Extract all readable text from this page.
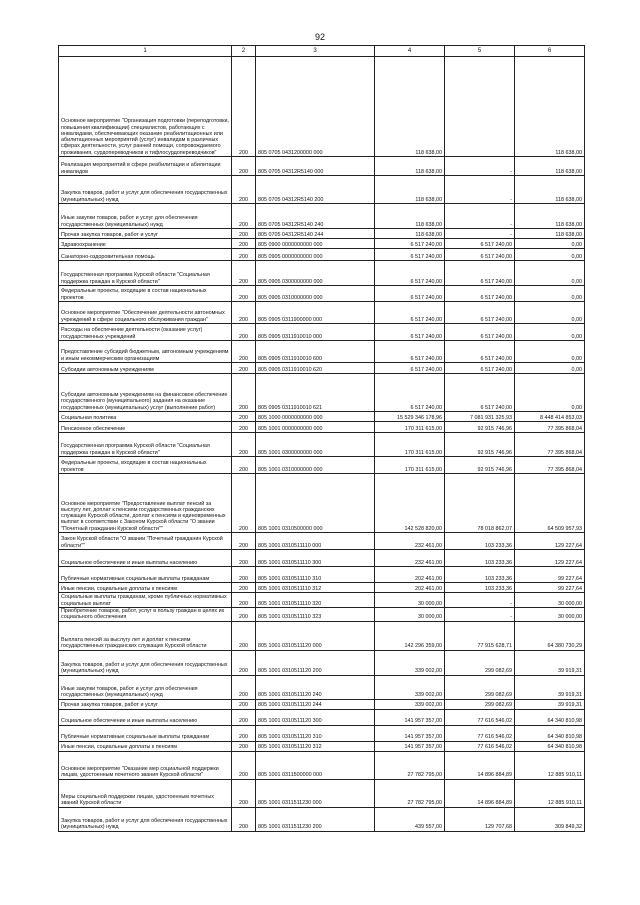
92
1	2	3	4	5	6
Основное мероприятие "Организация подготовки (переподготовки, повышения квалификации) специалистов, работающих с инвалидами, обеспечивающих оказание реабилитационных или абилитационных мероприятий (услуг) инвалидам в различных сферах деятельности, услуг ранней помощи, сопровождаемого проживания, сурдопереводчиков и тифлосурдопереводчиков"	200	805 0705 0431200000 000	118 638,00		118 638,00
Реализация мероприятий в сфере реабилитации и абилитации инвалидов	200	805 0705 04312R5140 000	118 638,00	-	118 638,00
Закупка товаров, работ и услуг для обеспечения государственных (муниципальных) нужд	200	805 0705 04312R5140 200	118 638,00	-	118 638,00
Иные закупки товаров, работ и услуг для обеспечения государственных (муниципальных) нужд	200	805 0705 04312R5140 240	118 638,00	-	118 638,00
Прочая закупка товаров, работ и услуг	200	805 0705 04312R5140 244	118 638,00	-	118 638,00
Здравоохранение	200	805 0900 0000000000 000	6 517 240,00	6 517 240,00	0,00
Санаторно-оздоровительная помощь	200	805 0905 0000000000 000	6 517 240,00	6 517 240,00	0,00
Государственная программа Курской области "Социальная поддержка граждан в Курской области"	200	805 0905 0300000000 000	6 517 240,00	6 517 240,00	0,00
Федеральные проекты, входящие в состав национальных проектов	200	805 0905 0310000000 000	6 517 240,00	6 517 240,00	0,00
Основное мероприятие "Обеспечение деятельности автономных учреждений в сфере социального обслуживания граждан"	200	805 0905 0311900000 000	6 517 240,00	6 517 240,00	0,00
Расходы на обеспечение деятельности (оказание услуг) государственных учреждений	200	805 0905 0311910010 000	6 517 240,00	6 517 240,00	0,00
Предоставление субсидий бюджетным, автономным учреждениям и иным некоммерческим организациям	200	805 0905 0311910010 600	6 517 240,00	6 517 240,00	0,00
Субсидии автономным учреждениям	200	805 0905 0311910010 620	6 517 240,00	6 517 240,00	0,00
Субсидии автономным учреждениям на финансовое обеспечение государственного (муниципального) задания на оказание государственных (муниципальных) услуг (выполнение работ)	200	805 0905 0311910010 621	6 517 240,00	6 517 240,00	0,00
Социальная политика	200	805 1000 0000000000 000	15 529 346 178,96	7 081 931 325,93	8 448 414 853,03
Пенсионное обеспечение	200	805 1001 0000000000 000	170 311 615,00	92 915 746,96	77 395 868,04
Государственная программа Курской области "Социальная поддержка граждан в Курской области"	200	805 1001 0300000000 000	170 311 615,00	92 915 746,96	77 395 868,04
Федеральные проекты, входящие в состав национальных проектов	200	805 1001 0310000000 000	170 311 615,00	92 915 746,96	77 395 868,04
Основное мероприятие "Предоставление выплат пенсий за выслугу лет, доплат к пенсиям государственных гражданских служащих Курской области, доплат к пенсиям и единовременных выплат в соответствии с Законом Курской области "О звании "Почетный гражданин Курской области""	200	805 1001 0310500000 000	142 528 820,00	78 018 862,07	64 509 957,93
Закон Курской области "О звании "Почетный гражданин Курской области""	200	805 1001 0310511110 000	232 461,00	103 233,36	129 227,64
Социальное обеспечение и иные выплаты населению	200	805 1001 0310511110 300	232 461,00	103 233,36	129 227,64
Публичные нормативные социальные выплаты гражданам	200	805 1001 0310511110 310	202 461,00	103 233,36	99 227,64
Иные пенсии, социальные доплаты к пенсиям	200	805 1001 0310511110 312	202 461,00	103 233,36	99 227,64
Социальные выплаты гражданам, кроме публичных нормативных социальных выплат	200	805 1001 0310511110 320	30 000,00	-	30 000,00
Приобретение товаров, работ, услуг в пользу граждан в целях их социального обеспечения	200	805 1001 0310511110 323	30 000,00	-	30 000,00
Выплата пенсий за выслугу лет и доплат к пенсиям государственных гражданских служащих Курской области	200	805 1001 0310511120 000	142 296 359,00	77 915 628,71	64 380 730,29
Закупка товаров, работ и услуг для обеспечения государственных (муниципальных) нужд	200	805 1001 0310511120 200	339 002,00	299 082,69	39 919,31
Иные закупки товаров, работ и услуг для обеспечения государственных (муниципальных) нужд	200	805 1001 0310511120 240	339 002,00	299 082,69	39 919,31
Прочая закупка товаров, работ и услуг	200	805 1001 0310511120 244	339 002,00	299 082,69	39 919,31
Социальное обеспечение и иные выплаты населению	200	805 1001 0310511120 300	141 957 357,00	77 616 546,02	64 340 810,98
Публичные нормативные социальные выплаты гражданам	200	805 1001 0310511120 310	141 957 357,00	77 616 546,02	64 340 810,98
Иные пенсии, социальные доплаты к пенсиям	200	805 1001 0310511120 312	141 957 357,00	77 616 546,02	64 340 810,98
Основное мероприятие "Оказание мер социальной поддержки лицам, удостоенным почетного звания Курской области"	200	805 1001 0311500000 000	27 782 795,00	14 896 884,89	12 885 910,11
Меры социальной поддержки лицам, удостоенным почетных званий Курской области	200	805 1001 0311511230 000	27 782 795,00	14 896 884,89	12 885 910,11
Закупка товаров, работ и услуг для обеспечения государственных (муниципальных) нужд	200	805 1001 0311511230 200	439 557,00	129 707,68	309 849,32
